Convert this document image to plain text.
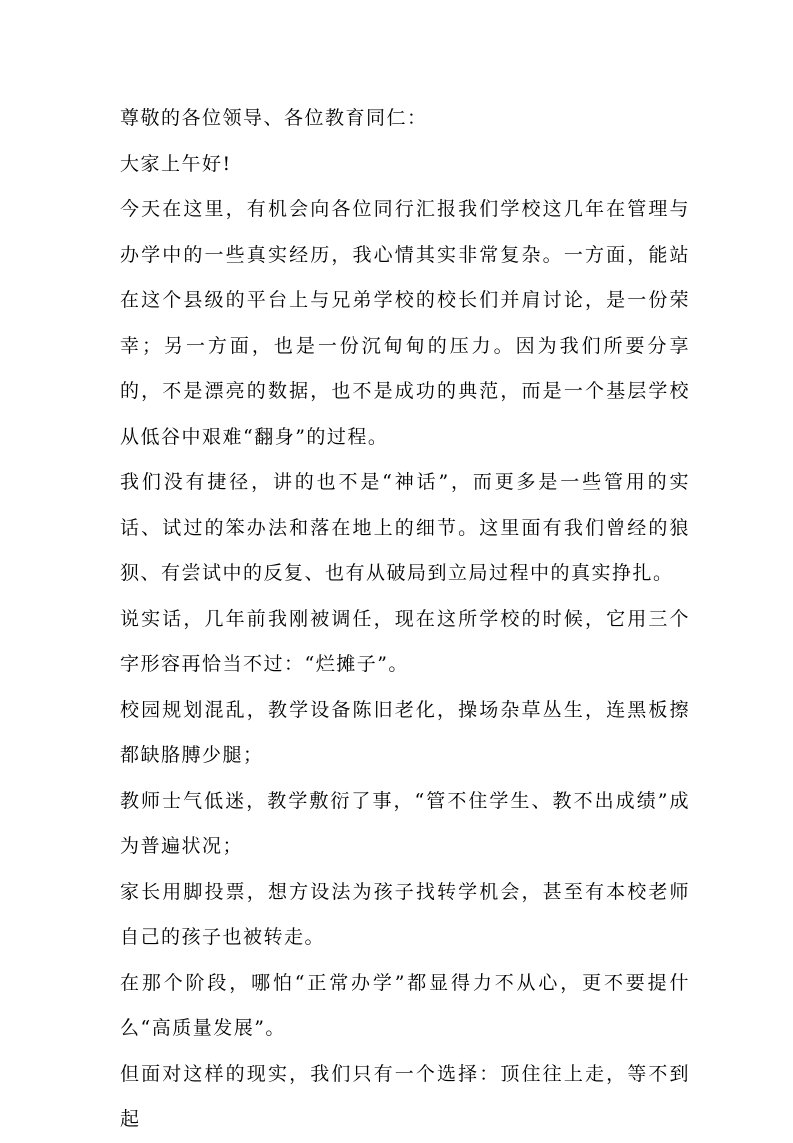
尊敬的各位领导、各位教育同仁：

大家上午好!

今天在这里，有机会向各位同行汇报我们学校这几年在管理与办学中的一些真实经历，我心情其实非常复杂。一方面，能站在这个县级的平台上与兄弟学校的校长们并肩讨论，是一份荣幸；另一方面，也是一份沉甸甸的压力。因为我们所要分享的，不是漂亮的数据，也不是成功的典范，而是一个基层学校从低谷中艰难“翻身”的过程。

我们没有捷径，讲的也不是“神话”，而更多是一些管用的实话、试过的笨办法和落在地上的细节。这里面有我们曾经的狼狈、有尝试中的反复、也有从破局到立局过程中的真实挣扎。

说实话，几年前我刚被调任，现在这所学校的时候，它用三个字形容再恰当不过：“烂摊子”。

校园规划混乱，教学设备陈旧老化，操场杂草丛生，连黑板擦都缺胳膊少腿；

教师士气低迷，教学敷衍了事，“管不住学生、教不出成绩”成为普遍状况；

家长用脚投票，想方设法为孩子找转学机会，甚至有本校老师自己的孩子也被转走。

在那个阶段，哪怕“正常办学”都显得力不从心，更不要提什么“高质量发展”。

但面对这样的现实，我们只有一个选择：顶住往上走，等不到起
